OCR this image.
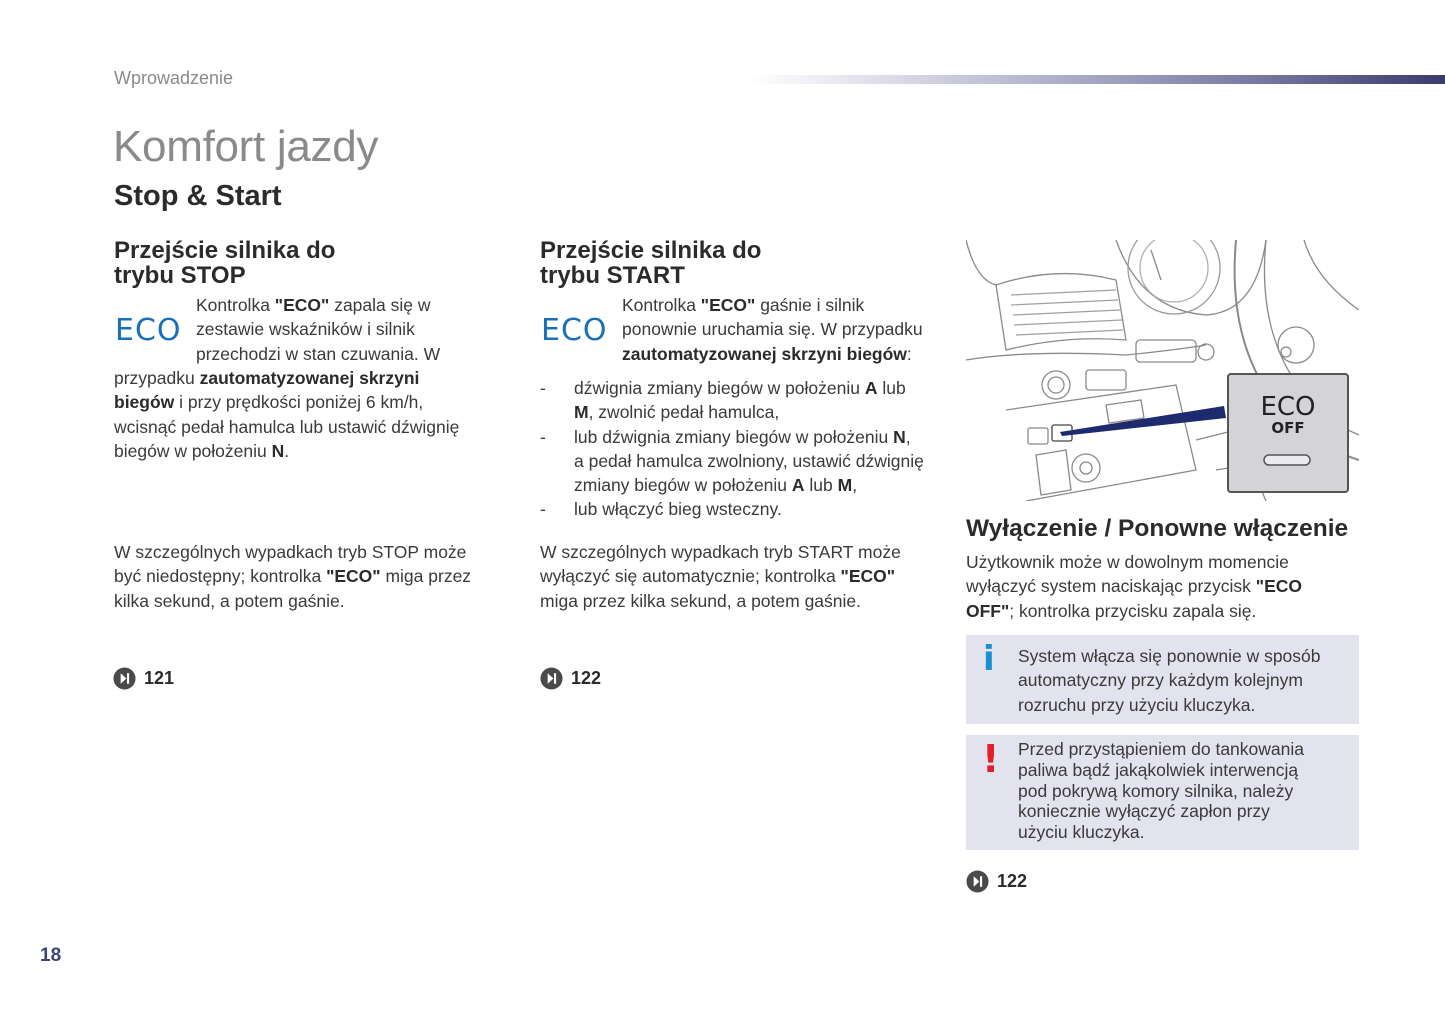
Wprowadzenie
Komfort jazdy
Stop & Start
Przejście silnika do
trybu STOP
ECO
Kontrolka "ECO" zapala się w
zestawie wskaźników i silnik
przechodzi w stan czuwania. W
przypadku zautomatyzowanej skrzyni
biegów i przy prędkości poniżej 6 km/h,
wcisnąć pedał hamulca lub ustawić dźwignię
biegów w położeniu N.
W szczególnych wypadkach tryb STOP może
być niedostępny; kontrolka "ECO" miga przez
kilka sekund, a potem gaśnie.
121
Przejście silnika do
trybu START
ECO
Kontrolka "ECO" gaśnie i silnik
ponownie uruchamia się. W przypadku
zautomatyzowanej skrzyni biegów:
- dźwignia zmiany biegów w położeniu A lub
M, zwolnić pedał hamulca,
- lub dźwignia zmiany biegów w położeniu N,
a pedał hamulca zwolniony, ustawić dźwignię
zmiany biegów w położeniu A lub M,
- lub włączyć bieg wsteczny.
W szczególnych wypadkach tryb START może
wyłączyć się automatycznie; kontrolka "ECO"
miga przez kilka sekund, a potem gaśnie.
122
ECO
OFF
Wyłączenie / Ponowne włączenie
Użytkownik może w dowolnym momencie
wyłączyć system naciskając przycisk "ECO
OFF"; kontrolka przycisku zapala się.
i System włącza się ponownie w sposób
automatyczny przy każdym kolejnym
rozruchu przy użyciu kluczyka.
! Przed przystąpieniem do tankowania
paliwa bądź jakąkolwiek interwencją
pod pokrywą komory silnika, należy
koniecznie wyłączyć zapłon przy
użyciu kluczyka.
122
18
